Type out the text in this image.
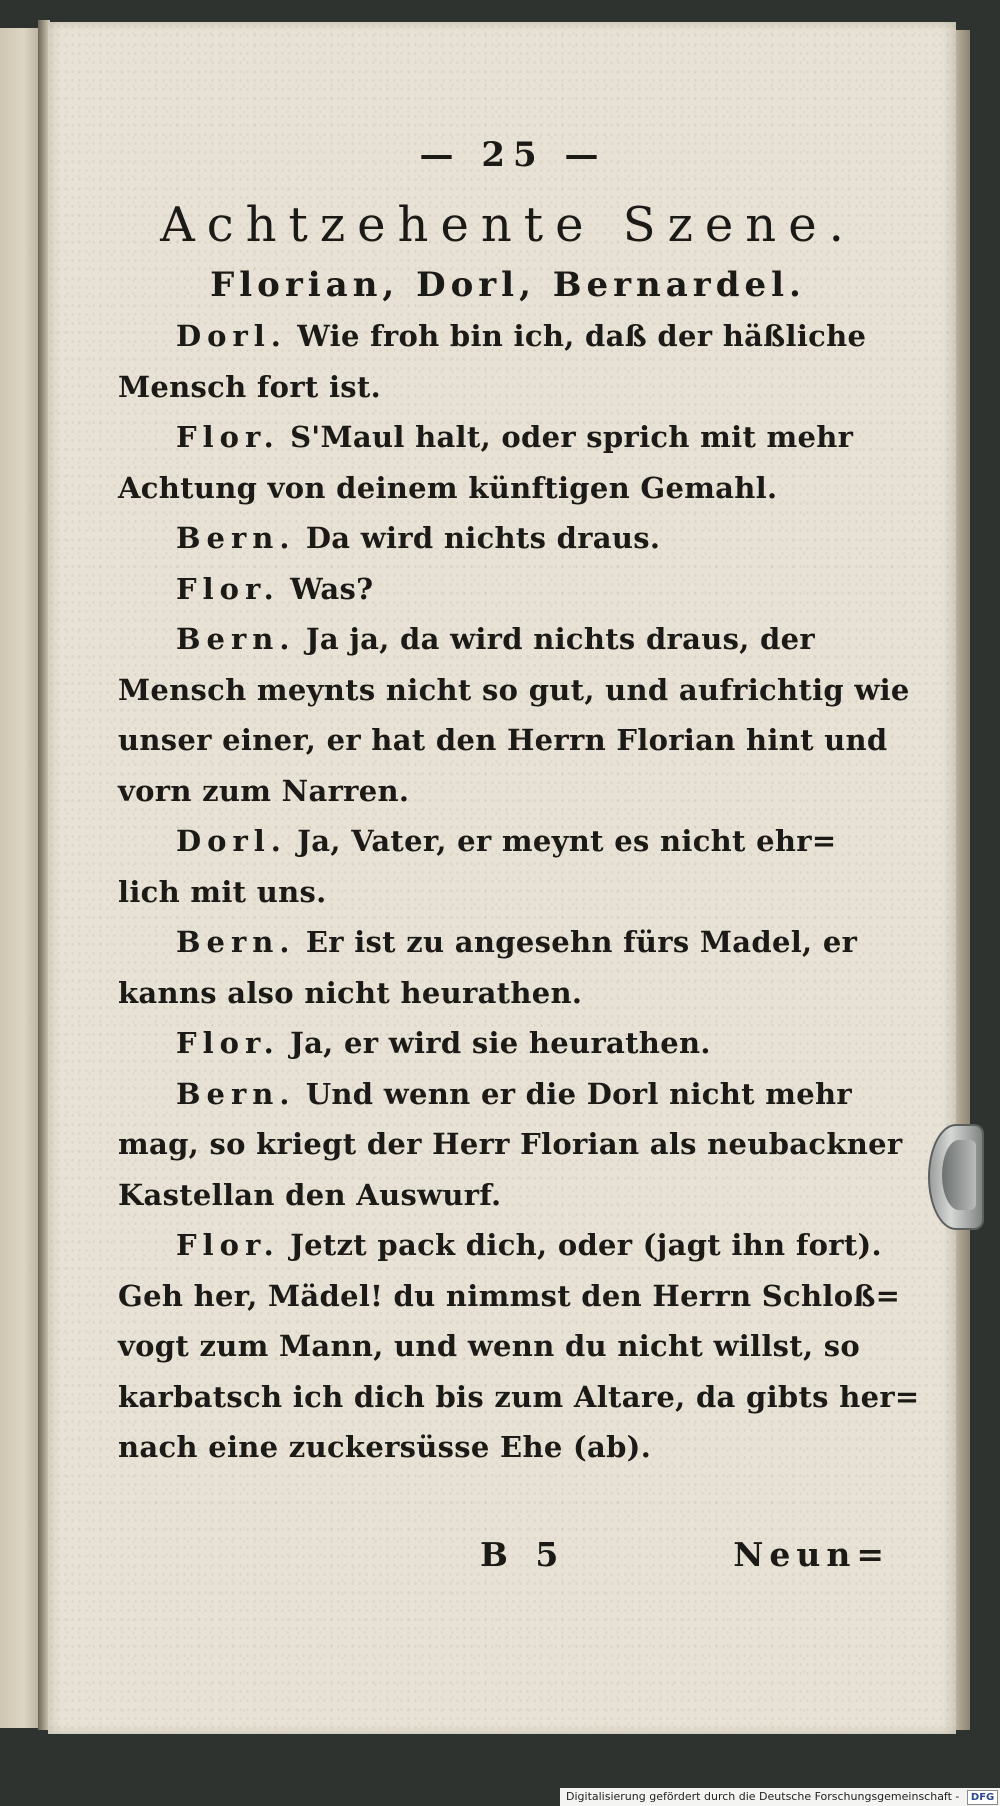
— 25 —
Achtzehente Szene.
Florian, Dorl, Bernardel.
Dorl. Wie froh bin ich, daß der häßliche
Mensch fort ist.
Flor. S'Maul halt, oder sprich mit mehr
Achtung von deinem künftigen Gemahl.
Bern. Da wird nichts draus.
Flor. Was?
Bern. Ja ja, da wird nichts draus, der
Mensch meynts nicht so gut, und aufrichtig wie
unser einer, er hat den Herrn Florian hint und
vorn zum Narren.
Dorl. Ja, Vater, er meynt es nicht ehr=
lich mit uns.
Bern. Er ist zu angesehn fürs Madel, er
kanns also nicht heurathen.
Flor. Ja, er wird sie heurathen.
Bern. Und wenn er die Dorl nicht mehr
mag, so kriegt der Herr Florian als neubackner
Kastellan den Auswurf.
Flor. Jetzt pack dich, oder (jagt ihn fort).
Geh her, Mädel! du nimmst den Herrn Schloß=
vogt zum Mann, und wenn du nicht willst, so
karbatsch ich dich bis zum Altare, da gibts her=
nach eine zuckersüsse Ehe (ab).
B 5	Neun=
Digitalisierung gefördert durch die Deutsche Forschungsgemeinschaft - DFG
